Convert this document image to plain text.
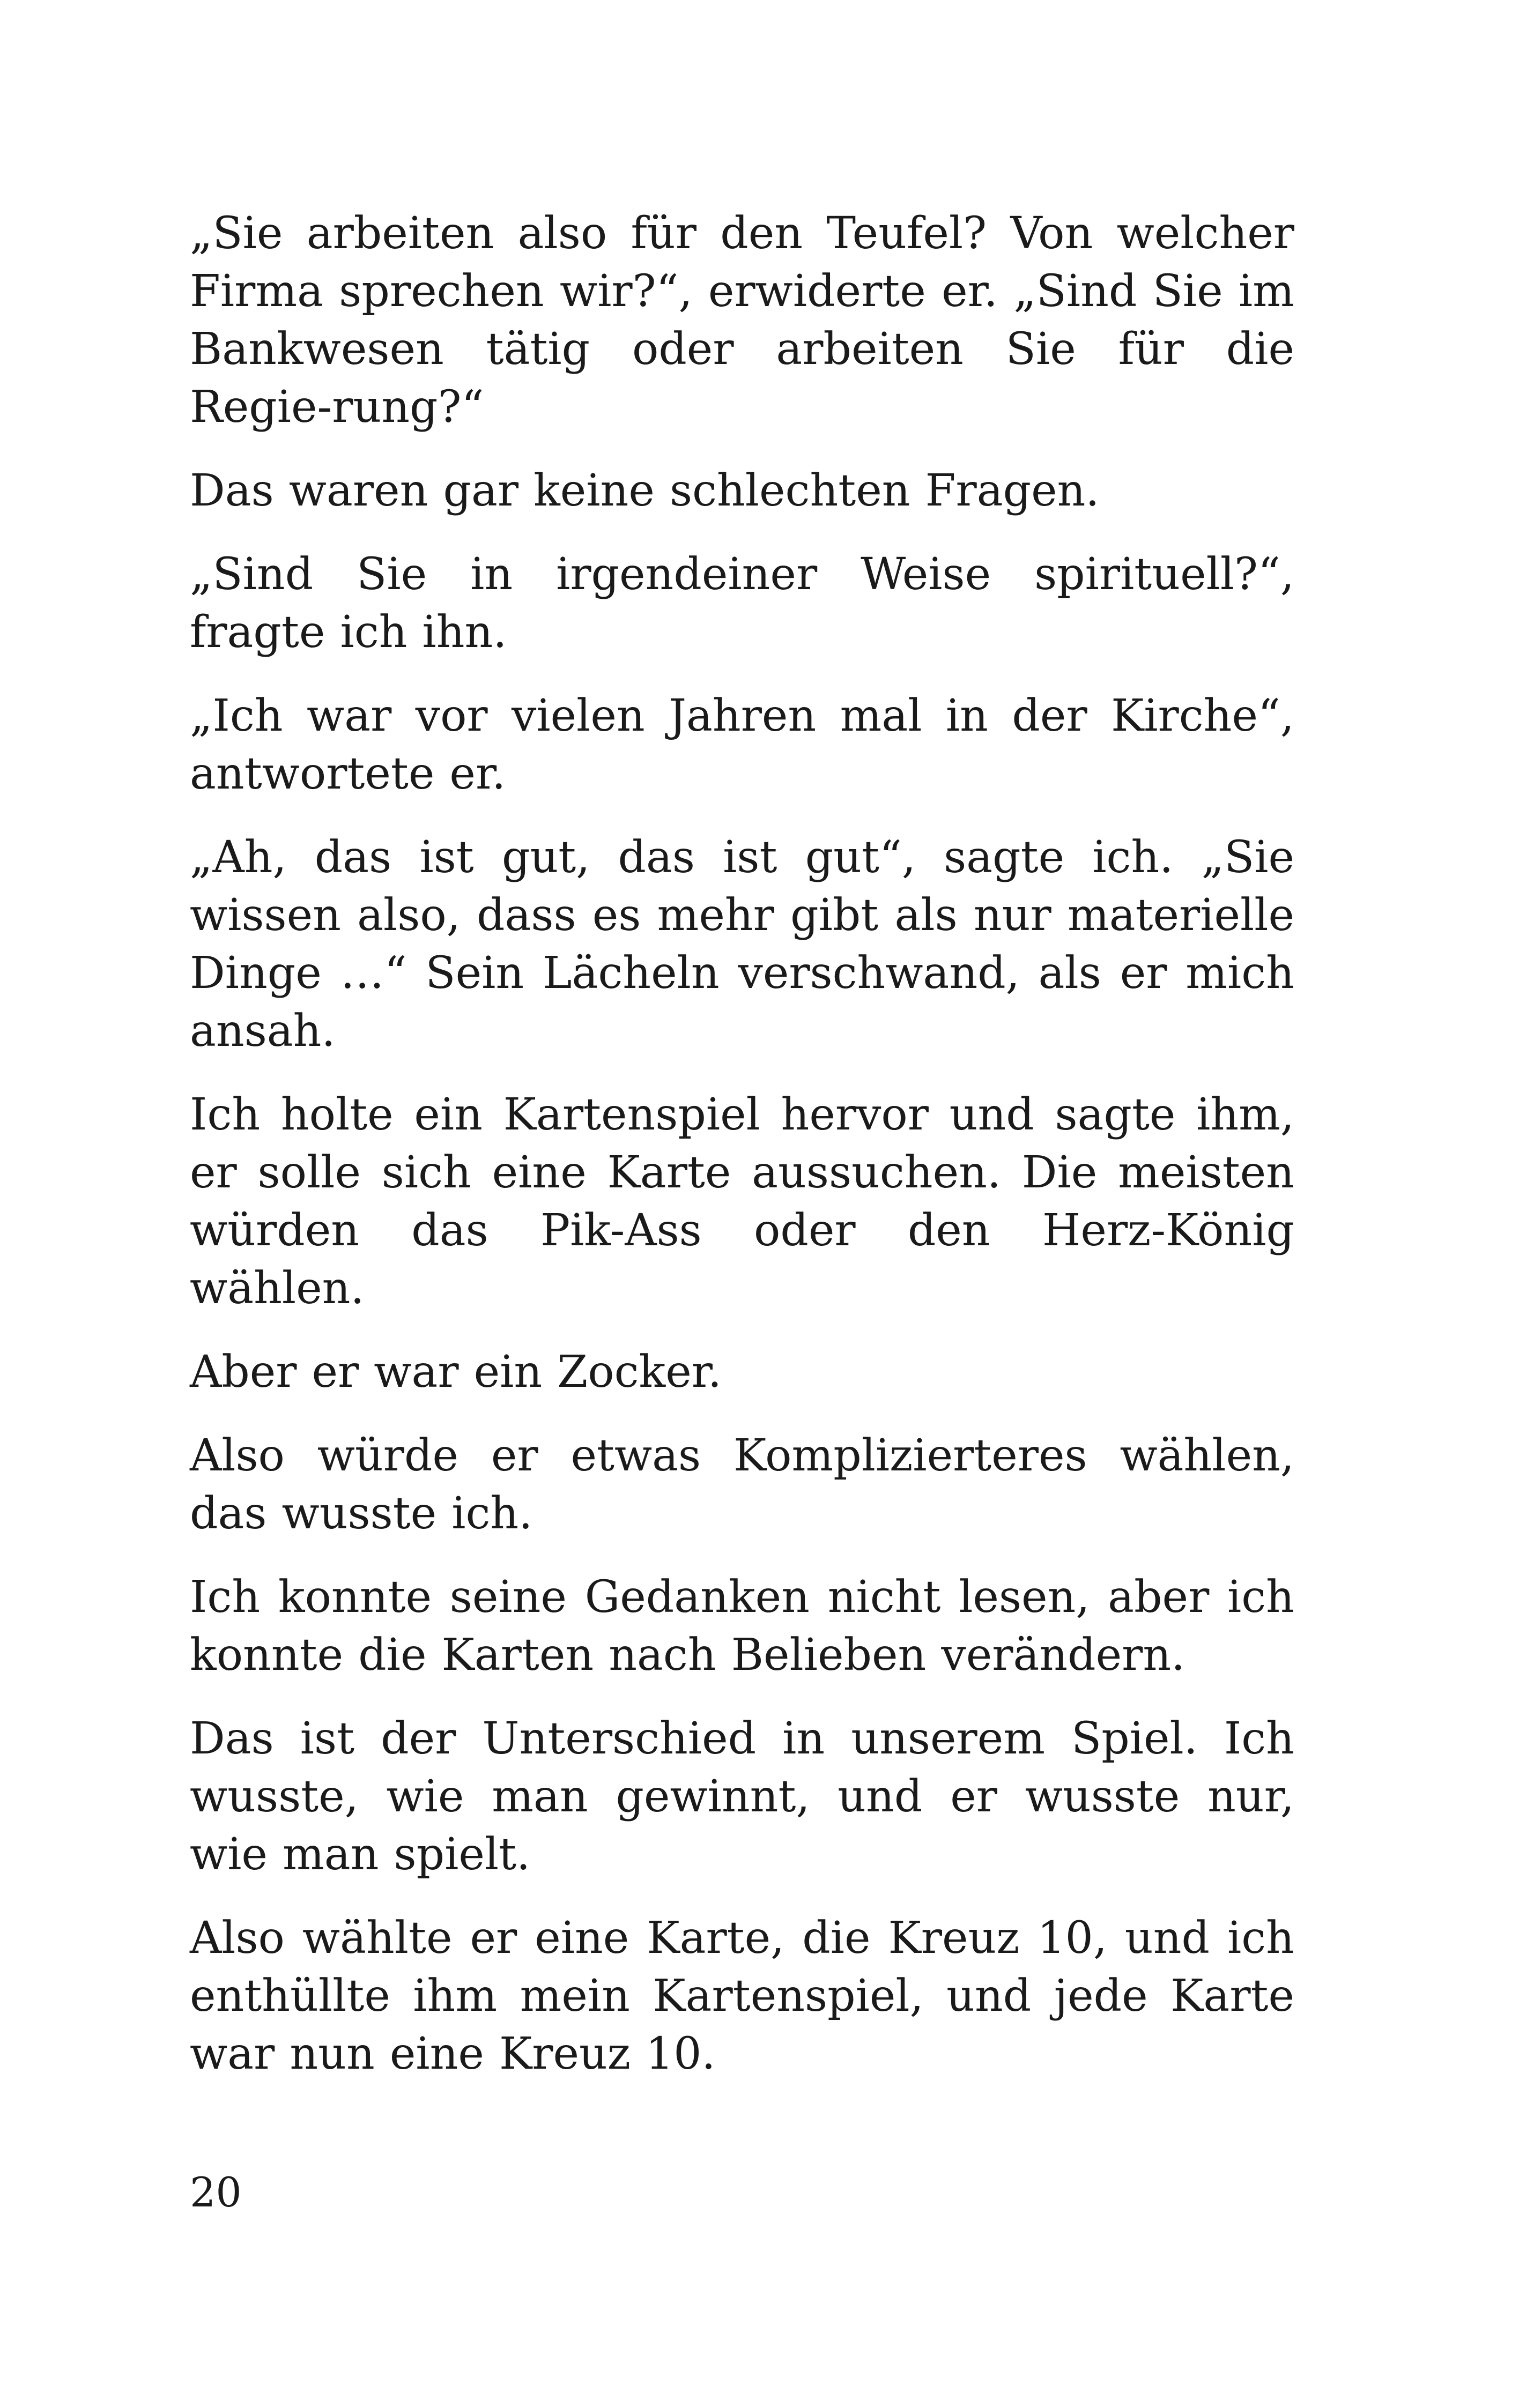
„Sie arbeiten also für den Teufel? Von welcher Firma sprechen wir?“, erwiderte er. „Sind Sie im Bankwesen tätig oder arbeiten Sie für die Regie-rung?“

Das waren gar keine schlechten Fragen.

„Sind Sie in irgendeiner Weise spirituell?“, fragte ich ihn.

„Ich war vor vielen Jahren mal in der Kirche“, antwortete er.

„Ah, das ist gut, das ist gut“, sagte ich. „Sie wissen also, dass es mehr gibt als nur materielle Dinge …“ Sein Lächeln verschwand, als er mich ansah.

Ich holte ein Kartenspiel hervor und sagte ihm, er solle sich eine Karte aussuchen. Die meisten würden das Pik-Ass oder den Herz-König wählen.

Aber er war ein Zocker.

Also würde er etwas Komplizierteres wählen, das wusste ich.

Ich konnte seine Gedanken nicht lesen, aber ich konnte die Karten nach Belieben verändern.

Das ist der Unterschied in unserem Spiel. Ich wusste, wie man gewinnt, und er wusste nur, wie man spielt.

Also wählte er eine Karte, die Kreuz 10, und ich enthüllte ihm mein Kartenspiel, und jede Karte war nun eine Kreuz 10.

20
